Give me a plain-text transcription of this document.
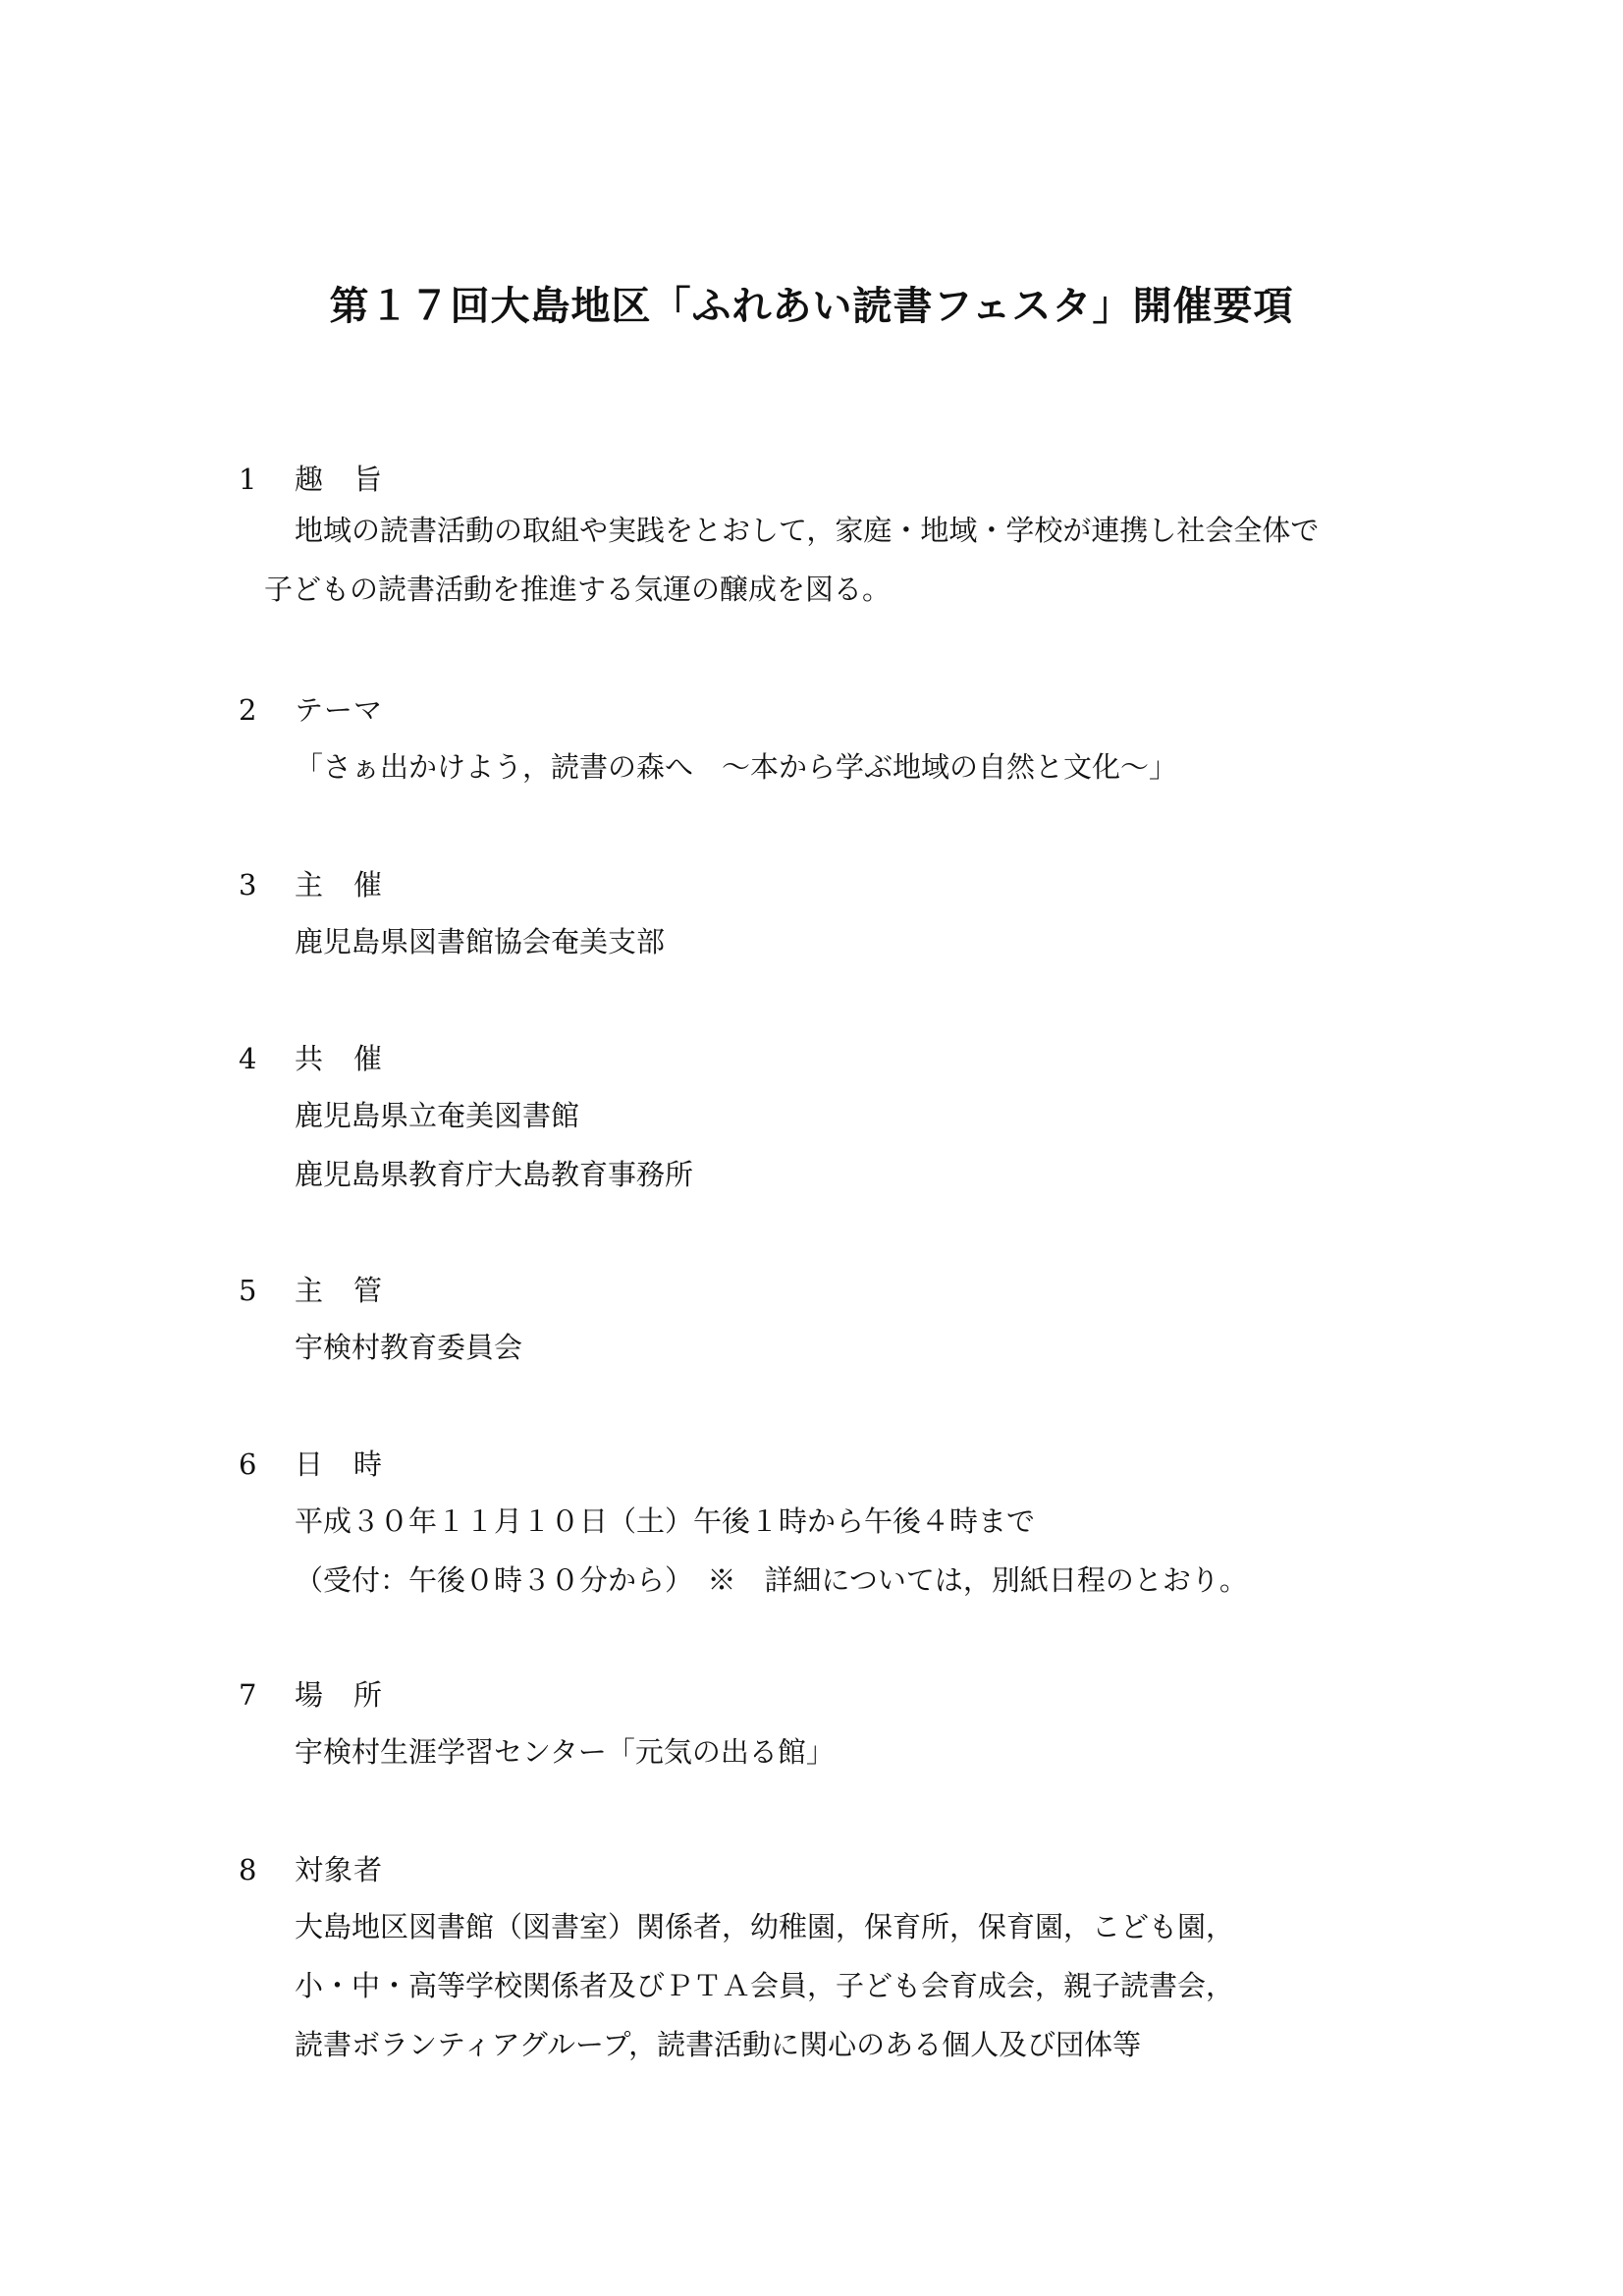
第１７回大島地区「ふれあい読書フェスタ」開催要項
1 趣　旨
地域の読書活動の取組や実践をとおして，家庭・地域・学校が連携し社会全体で
子どもの読書活動を推進する気運の醸成を図る。
2 テーマ
「さぁ出かけよう，読書の森へ　～本から学ぶ地域の自然と文化～」
3 主　催
鹿児島県図書館協会奄美支部
4 共　催
鹿児島県立奄美図書館
鹿児島県教育庁大島教育事務所
5 主　管
宇検村教育委員会
6 日　時
平成３０年１１月１０日（土）午後１時から午後４時まで
（受付：午後０時３０分から）　※　詳細については，別紙日程のとおり。
7 場　所
宇検村生涯学習センター「元気の出る館」
8 対象者
大島地区図書館（図書室）関係者，幼稚園，保育所，保育園，こども園，
小・中・高等学校関係者及びＰＴＡ会員，子ども会育成会，親子読書会，
読書ボランティアグループ，読書活動に関心のある個人及び団体等
